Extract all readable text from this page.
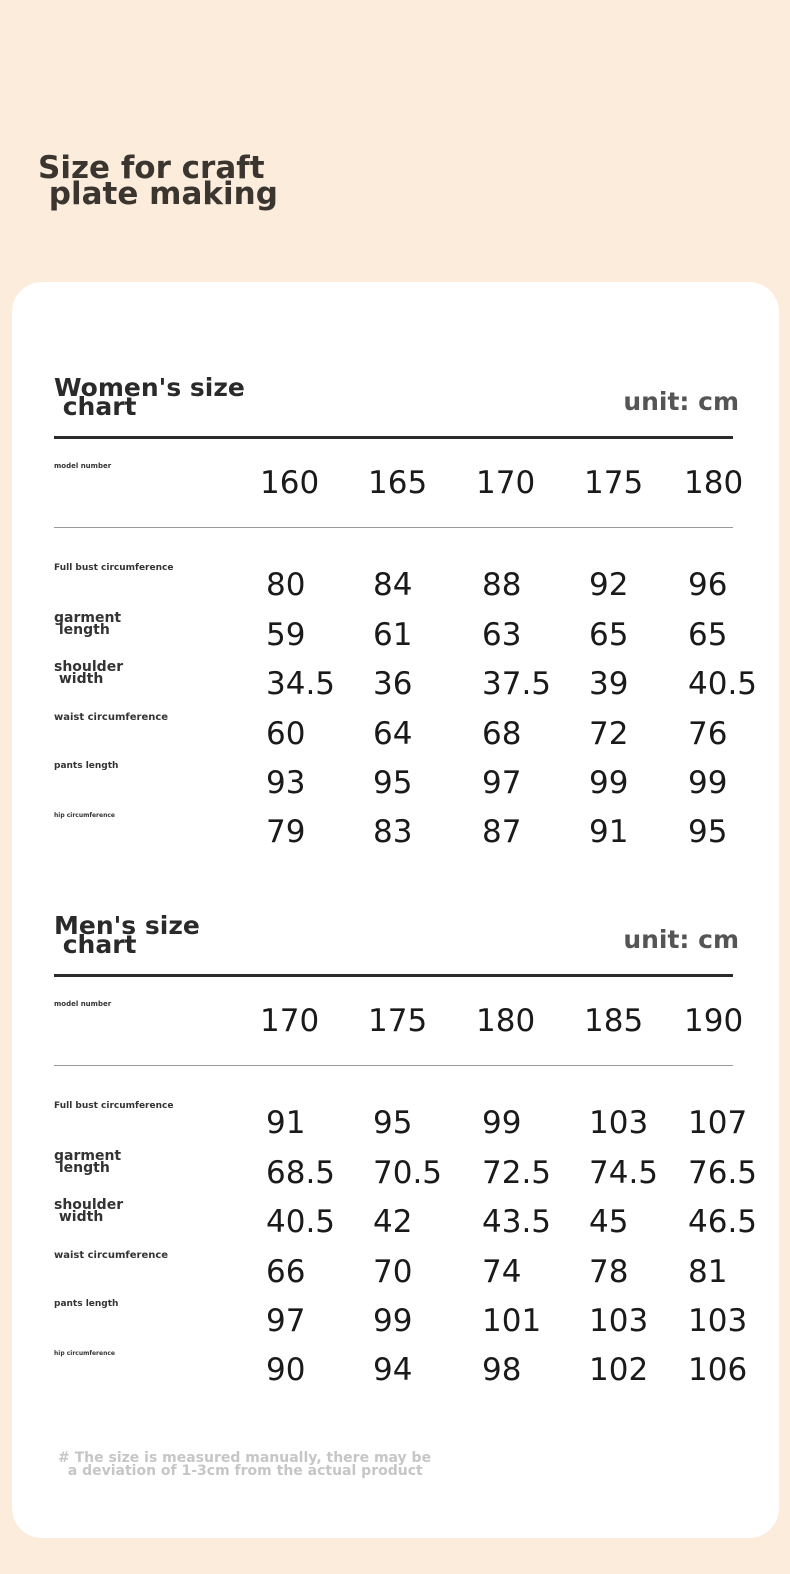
Size for craft
plate making
Women's size
chart	unit: cm

model number	160 165 170 175 180
Full bust circumference	80 84 88 92 96
garment
length	59 61 63 65 65
shoulder
width	34.5 36 37.5 39 40.5
waist circumference	60 64 68 72 76
pants length	93 95 97 99 99
hip circumference	79 83 87 91 95
Men's size
chart	unit: cm

model number	170 175 180 185 190
Full bust circumference	91 95 99 103 107
garment
length	68.5 70.5 72.5 74.5 76.5
shoulder
width	40.5 42 43.5 45 46.5
waist circumference	66 70 74 78 81
pants length	97 99 101 103 103
hip circumference	90 94 98 102 106

# The size is measured manually, there may be
a deviation of 1-3cm from the actual product
